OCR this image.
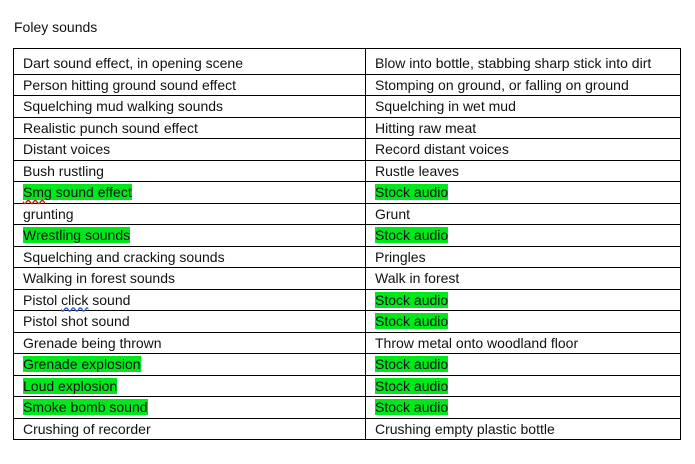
Foley sounds
Dart sound effect, in opening scene	Blow into bottle, stabbing sharp stick into dirt
Person hitting ground sound effect	Stomping on ground, or falling on ground
Squelching mud walking sounds	Squelching in wet mud
Realistic punch sound effect	Hitting raw meat
Distant voices	Record distant voices
Bush rustling	Rustle leaves
Smg sound effect	Stock audio
grunting	Grunt
Wrestling sounds	Stock audio
Squelching and cracking sounds	Pringles
Walking in forest sounds	Walk in forest
Pistol click sound	Stock audio
Pistol shot sound	Stock audio
Grenade being thrown	Throw metal onto woodland floor
Grenade explosion	Stock audio
Loud explosion	Stock audio
Smoke bomb sound	Stock audio
Crushing of recorder	Crushing empty plastic bottle
